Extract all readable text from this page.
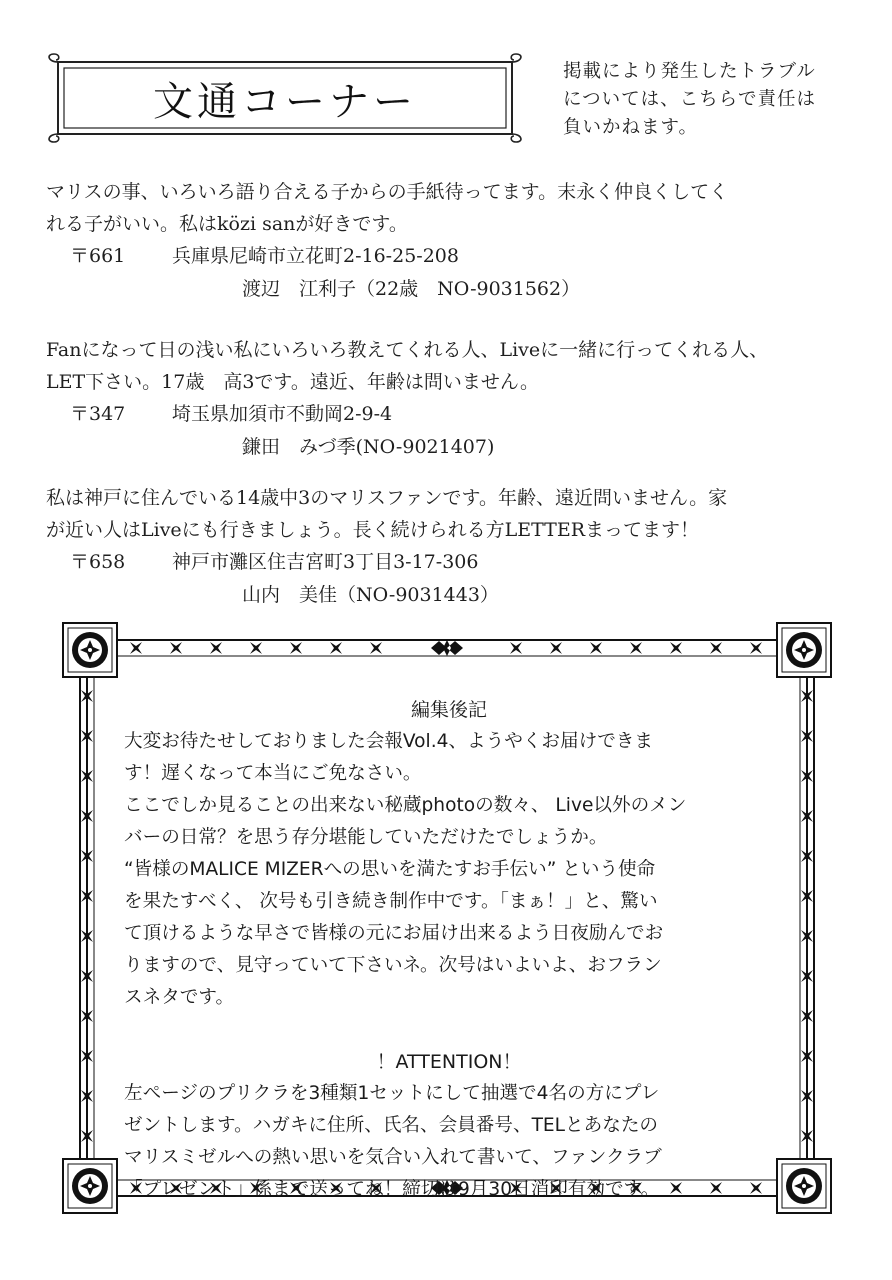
文通コーナー
掲載により発生したトラブル
については、こちらで責任は
負いかねます。
マリスの事、いろいろ語り合える子からの手紙待ってます。末永く仲良くしてく
れる子がいい。私はközi sanが好きです。
〒661	兵庫県尼崎市立花町2-16-25-208
渡辺　江利子（22歳　NO-9031562）
Fanになって日の浅い私にいろいろ教えてくれる人、Liveに一緒に行ってくれる人、
LET下さい。17歳　高3です。遠近、年齢は問いません。
〒347	埼玉県加須市不動岡2-9-4
鎌田　みづ季(NO-9021407)
私は神戸に住んでいる14歳中3のマリスファンです。年齢、遠近問いません。家
が近い人はLiveにも行きましょう。長く続けられる方LETTERまってます！
〒658	神戸市灘区住吉宮町3丁目3-17-306
山内　美佳（NO-9031443）
編集後記
大変お待たせしておりました会報Vol.4、ようやくお届けできま
す！遅くなって本当にご免なさい。
ここでしか見ることの出来ない秘蔵photoの数々、 Live以外のメン
バーの日常？を思う存分堪能していただけたでしょうか。
“皆様のMALICE MIZERへの思いを満たすお手伝い” という使命
を果たすべく、 次号も引き続き制作中です。「まぁ！」と、驚い
て頂けるような早さで皆様の元にお届け出来るよう日夜励んでお
りますので、見守っていて下さいネ。次号はいよいよ、おフラン
スネタです。
！ATTENTION！
左ページのプリクラを3種類1セットにして抽選で4名の方にプレ
ゼントします。ハガキに住所、氏名、会員番号、TELとあなたの
マリスミゼルへの熱い思いを気合い入れて書いて、ファンクラブ
「プレゼント」係まで送ってね！締切は9月30日消印有効です。
